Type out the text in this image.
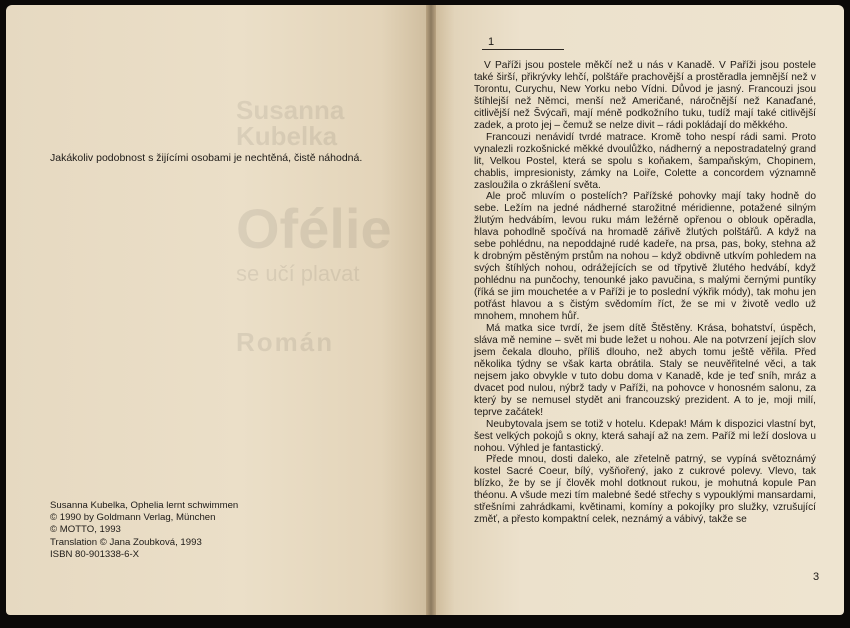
Susanna Kubelka
Ofélie
se učí plavat
Román
Jakákoliv podobnost s žijícími osobami je nechtěná, čistě náhodná.
Susanna Kubelka, Ophelia lernt schwimmen
© 1990 by Goldmann Verlag, München
© MOTTO, 1993
Translation © Jana Zoubková, 1993
ISBN 80-901338-6-X
1

V Paříži jsou postele měkčí než u nás v Kanadě. V Paříži jsou postele také širší, přikrývky lehčí, polštáře prachovější a prostěradla jemnější než v Torontu, Curychu, New Yorku nebo Vídni. Důvod je jasný. Francouzi jsou štíhlejší než Němci, menší než Američané, náročnější než Kanaďané, citlivější než Švýcaři, mají méně podkožního tuku, tudíž mají také citlivější zadek, a proto jej – čemuž se nelze divit – rádi pokládají do měkkého.

Francouzi nenávidí tvrdé matrace. Kromě toho nespí rádi sami. Proto vynalezli rozkošnické měkké dvoulůžko, nádherný a nepostradatelný grand lit, Velkou Postel, která se spolu s koňakem, šampaňským, Chopinem, chablis, impresionisty, zámky na Loiře, Colette a concordem významně zasloužila o zkrášlení světa.

Ale proč mluvím o postelích? Pařížské pohovky mají taky hodně do sebe. Ležím na jedné nádherné starožitné méridienne, potažené silným žlutým hedvábím, levou ruku mám ležérně opřenou o oblouk opěradla, hlava pohodlně spočívá na hromadě zářivě žlutých polštářů. A když na sebe pohlédnu, na nepoddajné rudé kadeře, na prsa, pas, boky, stehna až k drobným pěstěným prstům na nohou – když obdivně utkvím pohledem na svých štíhlých nohou, odrážejících se od třpytivě žlutého hedvábí, když pohlédnu na punčochy, tenounké jako pavučina, s malými černými puntíky (říká se jim mouchetée a v Paříži je to poslední výkřik módy), tak mohu jen potřást hlavou a s čistým svědomím říct, že se mi v životě vedlo už mnohem, mnohem hůř.

Má matka sice tvrdí, že jsem dítě Štěstěny. Krása, bohatství, úspěch, sláva mě nemine – svět mi bude ležet u nohou. Ale na potvrzení jejích slov jsem čekala dlouho, příliš dlouho, než abych tomu ještě věřila. Před několika týdny se však karta obrátila. Staly se neuvěřitelné věci, a tak nejsem jako obvykle v tuto dobu doma v Kanadě, kde je teď sníh, mráz a dvacet pod nulou, nýbrž tady v Paříži, na pohovce v honosném salonu, za který by se nemusel stydět ani francouzský prezident. A to je, moji milí, teprve začátek!

Neubytovala jsem se totiž v hotelu. Kdepak! Mám k dispozici vlastní byt, šest velkých pokojů s okny, která sahají až na zem. Paříž mi leží doslova u nohou. Výhled je fantastický.

Přede mnou, dosti daleko, ale zřetelně patrný, se vypíná světoznámý kostel Sacré Coeur, bílý, vyšňořený, jako z cukrové polevy. Vlevo, tak blízko, že by se jí člověk mohl dotknout rukou, je mohutná kopule Pan théonu. A všude mezi tím malebné šedé střechy s vypouklými mansardami, střešními zahrádkami, květinami, komíny a pokojíky pro služky, vzrušující změť, a přesto kompaktní celek, neznámý a vábivý, takže se

3
